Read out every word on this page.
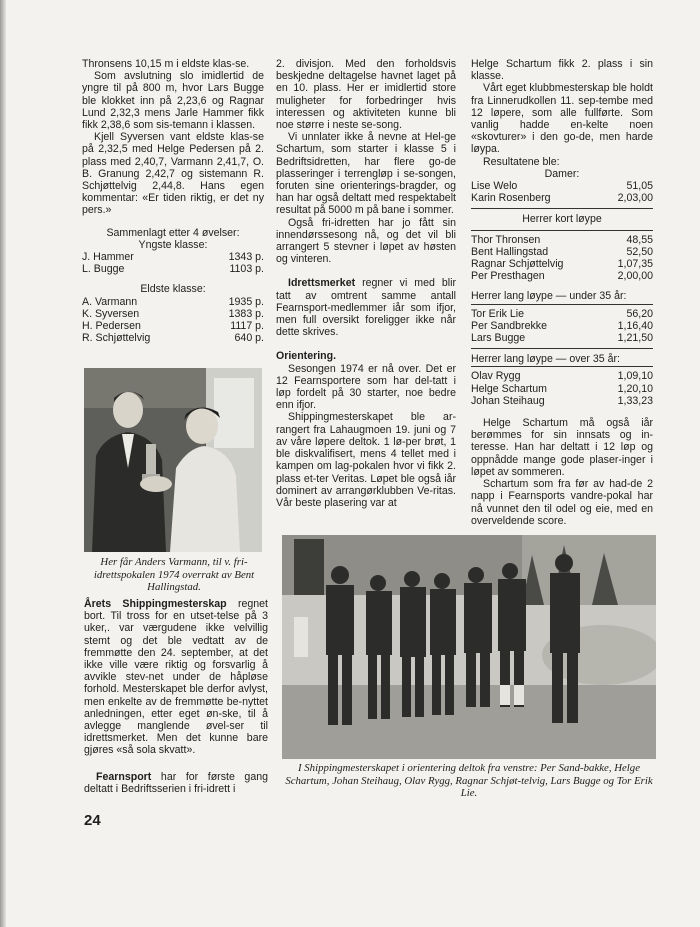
Thronsens 10,15 m i eldste klas-se.

Som avslutning slo imidlertid de yngre til på 800 m, hvor Lars Bugge ble klokket inn på 2,23,6 og Ragnar Lund 2,32,3 mens Jarle Hammer fikk fikk 2,38,6 som sis-temann i klassen.

Kjell Syversen vant eldste klas-se på 2,32,5 med Helge Pedersen på 2. plass med 2,40,7, Varmann 2,41,7, O. B. Granung 2,42,7 og sistemann R. Schjøttelvig 2,44,8. Hans egen kommentar: «Er tiden riktig, er det ny pers.»

Sammenlagt etter 4 øvelser:

Yngste klasse:

J. Hammer	1343 p.
L. Bugge	1103 p.

Eldste klasse:

A. Varmann	1935 p.
K. Syversen	1383 p.
H. Pedersen	1117 p.
R. Schjøttelvig	640 p.
Her får Anders Varmann, til v. fri-idrettspokalen 1974 overrakt av Bent Hallingstad.

Årets Shippingmesterskap regnet bort. Til tross for en utset-telse på 3 uker,. var værgudene ikke velvillig stemt og det ble vedtatt av de fremmøtte den 24. september, at det ikke ville være riktig og forsvarlig å avvikle stev-net under de håpløse forhold. Mesterskapet ble derfor avlyst, men enkelte av de fremmøtte be-nyttet anledningen, etter eget øn-ske, til å avlegge manglende øvel-ser til idrettsmerket. Men det kunne bare gjøres «så sola skvatt».

Fearnsport har for første gang deltatt i Bedriftsserien i fri-idrett i

2. divisjon. Med den forholdsvis beskjedne deltagelse havnet laget på en 10. plass. Her er imidlertid store muligheter for forbedringer hvis interessen og aktiviteten kunne bli noe større i neste se-song.

Vi unnlater ikke å nevne at Hel-ge Schartum, som starter i klasse 5 i Bedriftsidretten, har flere go-de plasseringer i terrengløp i se-songen, foruten sine orienterings-bragder, og han har også deltatt med respektabelt resultat på 5000 m på bane i sommer.

Også fri-idretten har jo fått sin innendørssesong nå, og det vil bli arrangert 5 stevner i løpet av høsten og vinteren.

Idrettsmerket regner vi med blir tatt av omtrent samme antall Fearnsport-medlemmer iår som ifjor, men full oversikt foreligger ikke når dette skrives.

Orientering.

Sesongen 1974 er nå over. Det er 12 Fearnsportere som har del-tatt i løp fordelt på 30 starter, noe bedre enn ifjor.

Shippingmesterskapet ble ar-rangert fra Lahaugmoen 19. juni og 7 av våre løpere deltok. 1 lø-per brøt, 1 ble diskvalifisert, mens 4 tellet med i kampen om lag-pokalen hvor vi fikk 2. plass et-ter Veritas. Løpet ble også iår dominert av arrangørklubben Ve-ritas. Vår beste plasering var at

Helge Schartum fikk 2. plass i sin klasse.

Vårt eget klubbmesterskap ble holdt fra Linnerudkollen 11. sep-tembe med 12 løpere, som alle fullførte. Som vanlig hadde en-kelte noen «skovturer» i den go-de, men harde løypa.

Resultatene ble:

Damer:

Lise Welo	51,05
Karin Rosenberg	2,03,00

Herrer kort løype

Thor Thronsen	48,55
Bent Hallingstad	52,50
Ragnar Schjøttelvig	1,07,35
Per Presthagen	2,00,00

Herrer lang løype — under 35 år:

Tor Erik Lie	56,20
Per Sandbrekke	1,16,40
Lars Bugge	1,21,50

Herrer lang løype — over 35 år:

Olav Rygg	1,09,10
Helge Schartum	1,20,10
Johan Steihaug	1,33,23

Helge Schartum må også iår berømmes for sin innsats og in-teresse. Han har deltatt i 12 løp og oppnådde mange gode plaser-inger i løpet av sommeren.

Schartum som fra før av had-de 2 napp i Fearnsports vandre-pokal har nå vunnet den til odel og eie, med en overveldende score.

I Shippingmesterskapet i orientering deltok fra venstre: Per Sand-bakke, Helge Schartum, Johan Steihaug, Olav Rygg, Ragnar Schjøt-telvig, Lars Bugge og Tor Erik Lie.
24
